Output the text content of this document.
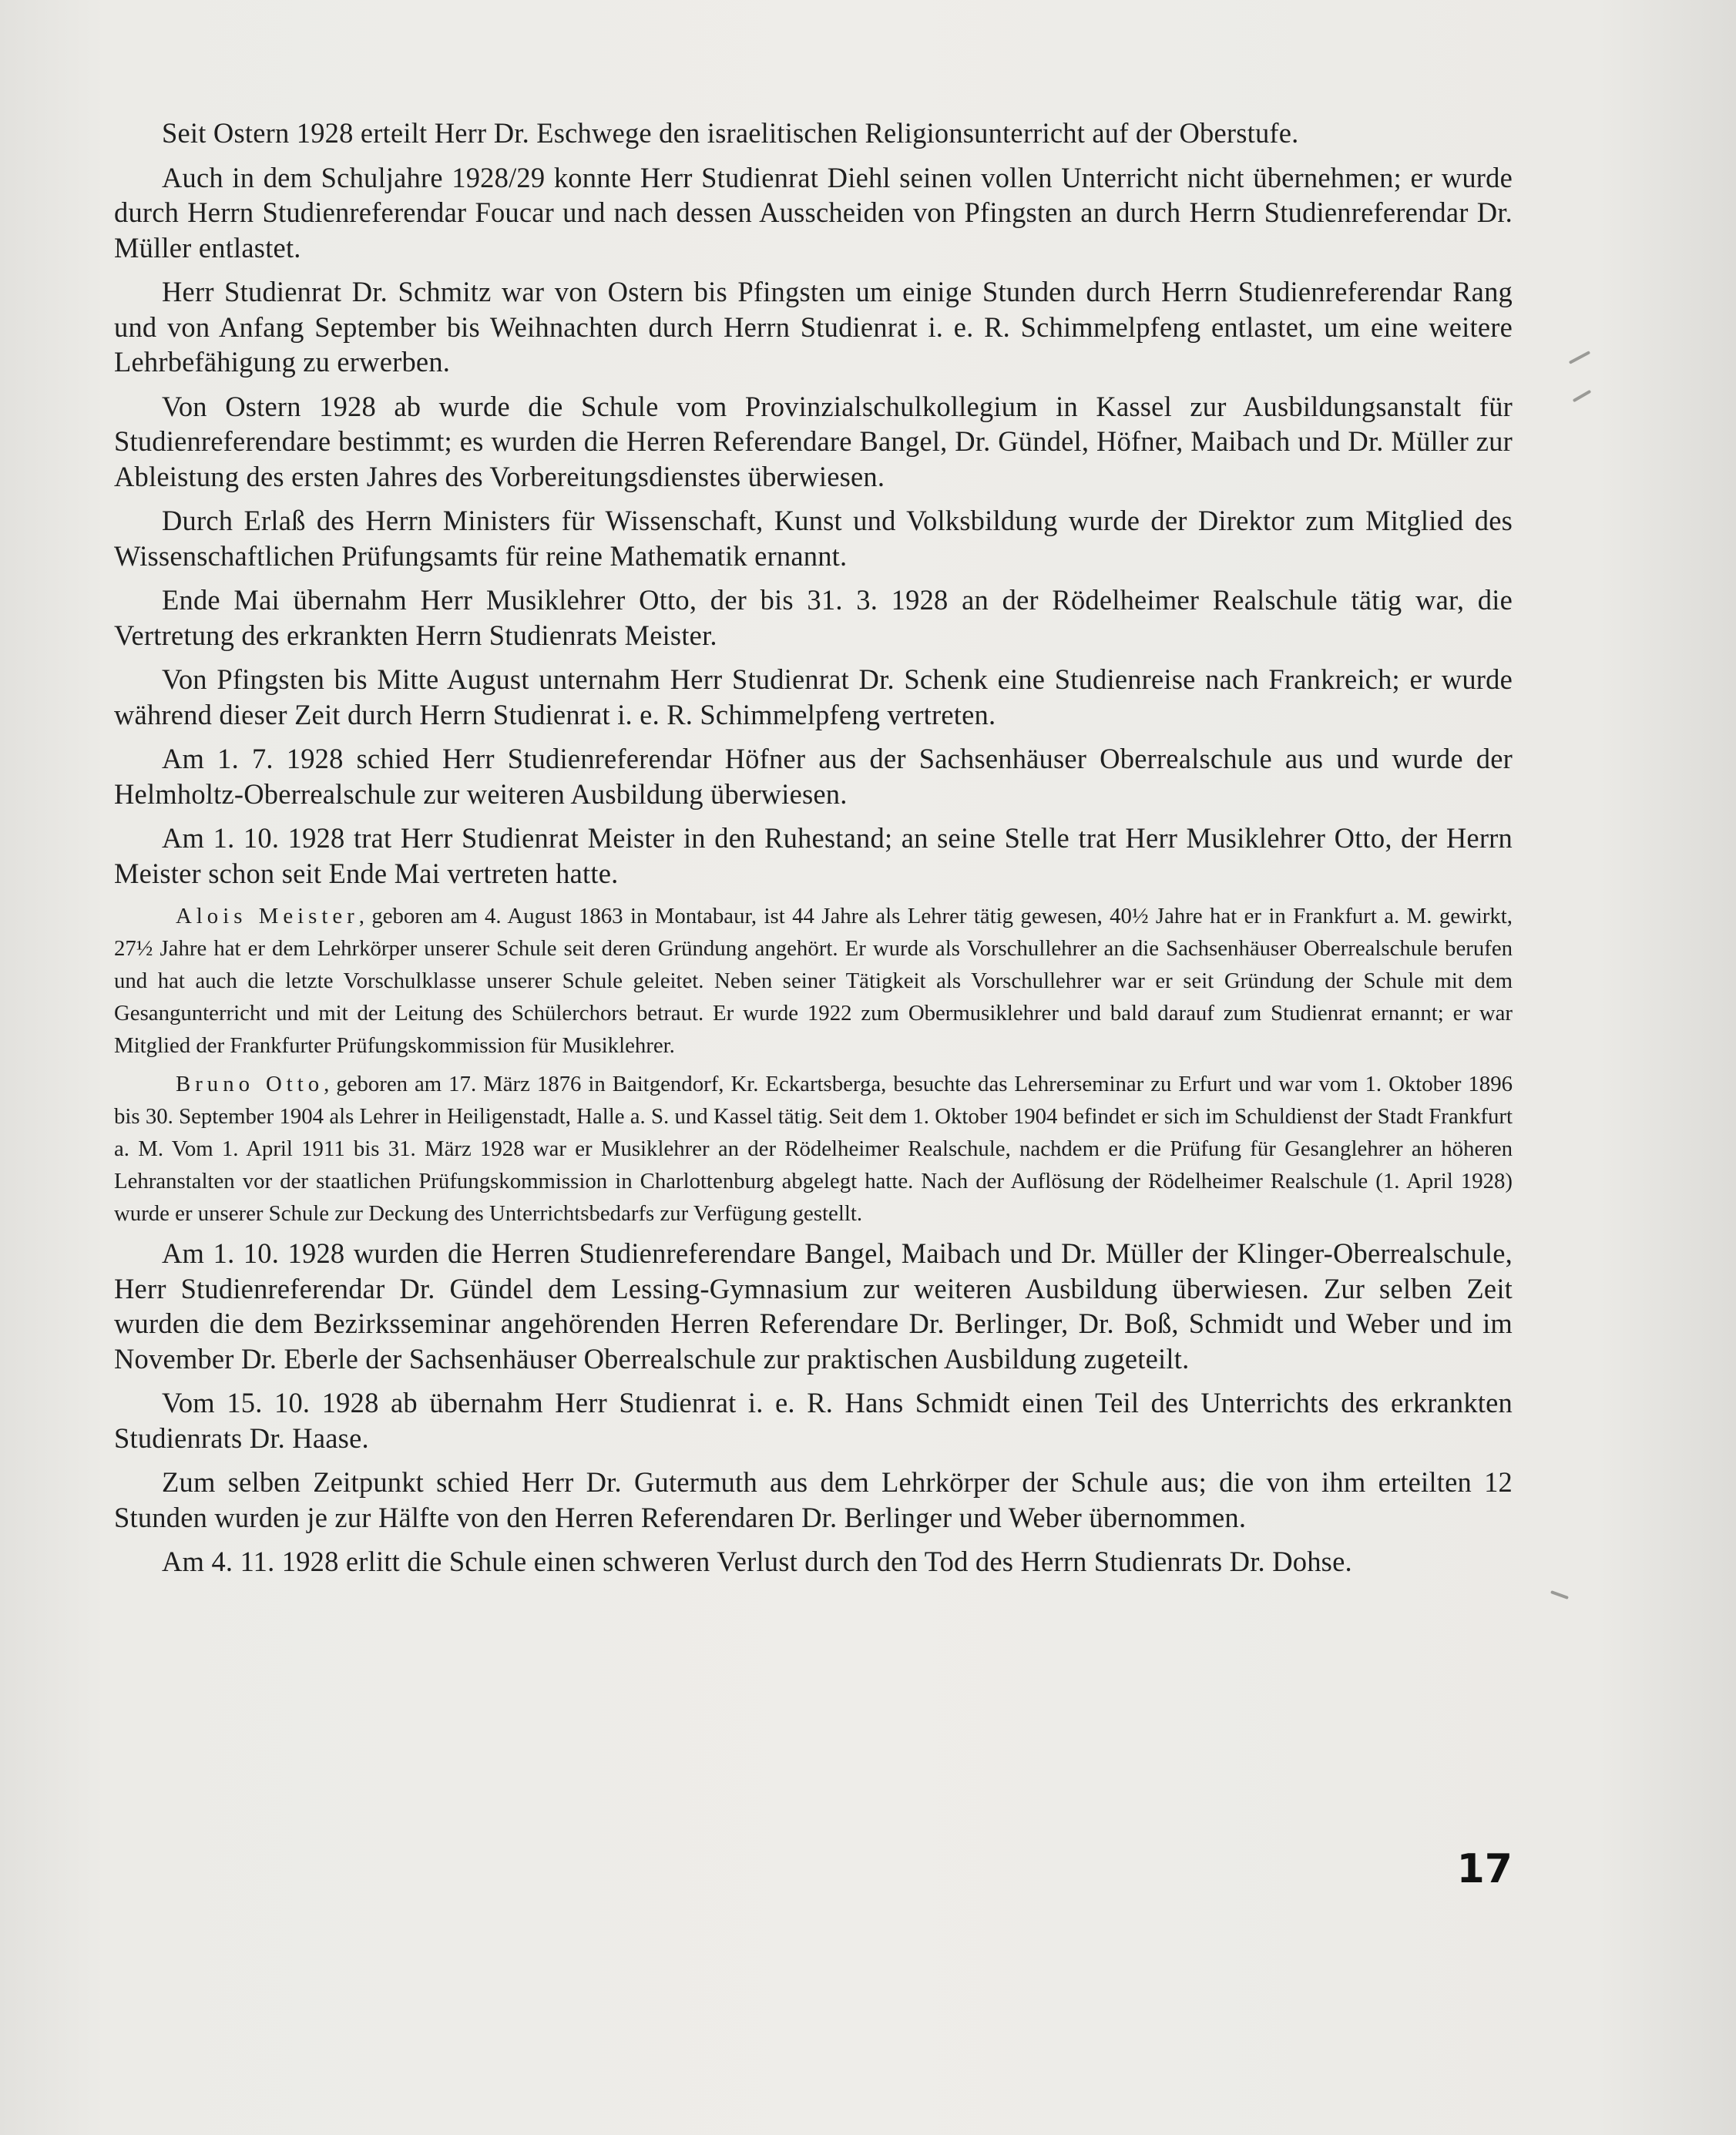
Seit Ostern 1928 erteilt Herr Dr. Eschwege den israelitischen Religionsunterricht auf der Oberstufe.

Auch in dem Schuljahre 1928/29 konnte Herr Studienrat Diehl seinen vollen Unterricht nicht übernehmen; er wurde durch Herrn Studienreferendar Foucar und nach dessen Ausscheiden von Pfingsten an durch Herrn Studienreferendar Dr. Müller entlastet.

Herr Studienrat Dr. Schmitz war von Ostern bis Pfingsten um einige Stunden durch Herrn Studienreferendar Rang und von Anfang September bis Weihnachten durch Herrn Studienrat i. e. R. Schimmelpfeng entlastet, um eine weitere Lehrbefähigung zu erwerben.

Von Ostern 1928 ab wurde die Schule vom Provinzialschulkollegium in Kassel zur Ausbildungsanstalt für Studienreferendare bestimmt; es wurden die Herren Referendare Bangel, Dr. Gündel, Höfner, Maibach und Dr. Müller zur Ableistung des ersten Jahres des Vorbereitungsdienstes überwiesen.

Durch Erlaß des Herrn Ministers für Wissenschaft, Kunst und Volksbildung wurde der Direktor zum Mitglied des Wissenschaftlichen Prüfungsamts für reine Mathematik ernannt.

Ende Mai übernahm Herr Musiklehrer Otto, der bis 31. 3. 1928 an der Rödelheimer Realschule tätig war, die Vertretung des erkrankten Herrn Studienrats Meister.

Von Pfingsten bis Mitte August unternahm Herr Studienrat Dr. Schenk eine Studienreise nach Frankreich; er wurde während dieser Zeit durch Herrn Studienrat i. e. R. Schimmelpfeng vertreten.

Am 1. 7. 1928 schied Herr Studienreferendar Höfner aus der Sachsenhäuser Oberrealschule aus und wurde der Helmholtz-Oberrealschule zur weiteren Ausbildung überwiesen.

Am 1. 10. 1928 trat Herr Studienrat Meister in den Ruhestand; an seine Stelle trat Herr Musiklehrer Otto, der Herrn Meister schon seit Ende Mai vertreten hatte.

Alois Meister, geboren am 4. August 1863 in Montabaur, ist 44 Jahre als Lehrer tätig gewesen, 40½ Jahre hat er in Frankfurt a. M. gewirkt, 27½ Jahre hat er dem Lehrkörper unserer Schule seit deren Gründung angehört. Er wurde als Vorschullehrer an die Sachsenhäuser Oberrealschule berufen und hat auch die letzte Vorschulklasse unserer Schule geleitet. Neben seiner Tätigkeit als Vorschullehrer war er seit Gründung der Schule mit dem Gesangunterricht und mit der Leitung des Schülerchors betraut. Er wurde 1922 zum Obermusiklehrer und bald darauf zum Studienrat ernannt; er war Mitglied der Frankfurter Prüfungskommission für Musiklehrer.

Bruno Otto, geboren am 17. März 1876 in Baitgendorf, Kr. Eckartsberga, besuchte das Lehrerseminar zu Erfurt und war vom 1. Oktober 1896 bis 30. September 1904 als Lehrer in Heiligenstadt, Halle a. S. und Kassel tätig. Seit dem 1. Oktober 1904 befindet er sich im Schuldienst der Stadt Frankfurt a. M. Vom 1. April 1911 bis 31. März 1928 war er Musiklehrer an der Rödelheimer Realschule, nachdem er die Prüfung für Gesanglehrer an höheren Lehranstalten vor der staatlichen Prüfungskommission in Charlottenburg abgelegt hatte. Nach der Auflösung der Rödelheimer Realschule (1. April 1928) wurde er unserer Schule zur Deckung des Unterrichtsbedarfs zur Verfügung gestellt.

Am 1. 10. 1928 wurden die Herren Studienreferendare Bangel, Maibach und Dr. Müller der Klinger-Oberrealschule, Herr Studienreferendar Dr. Gündel dem Lessing-Gymnasium zur weiteren Ausbildung überwiesen. Zur selben Zeit wurden die dem Bezirksseminar angehörenden Herren Referendare Dr. Berlinger, Dr. Boß, Schmidt und Weber und im November Dr. Eberle der Sachsenhäuser Oberrealschule zur praktischen Ausbildung zugeteilt.

Vom 15. 10. 1928 ab übernahm Herr Studienrat i. e. R. Hans Schmidt einen Teil des Unterrichts des erkrankten Studienrats Dr. Haase.

Zum selben Zeitpunkt schied Herr Dr. Gutermuth aus dem Lehrkörper der Schule aus; die von ihm erteilten 12 Stunden wurden je zur Hälfte von den Herren Referendaren Dr. Berlinger und Weber übernommen.

Am 4. 11. 1928 erlitt die Schule einen schweren Verlust durch den Tod des Herrn Studienrats Dr. Dohse.

17
